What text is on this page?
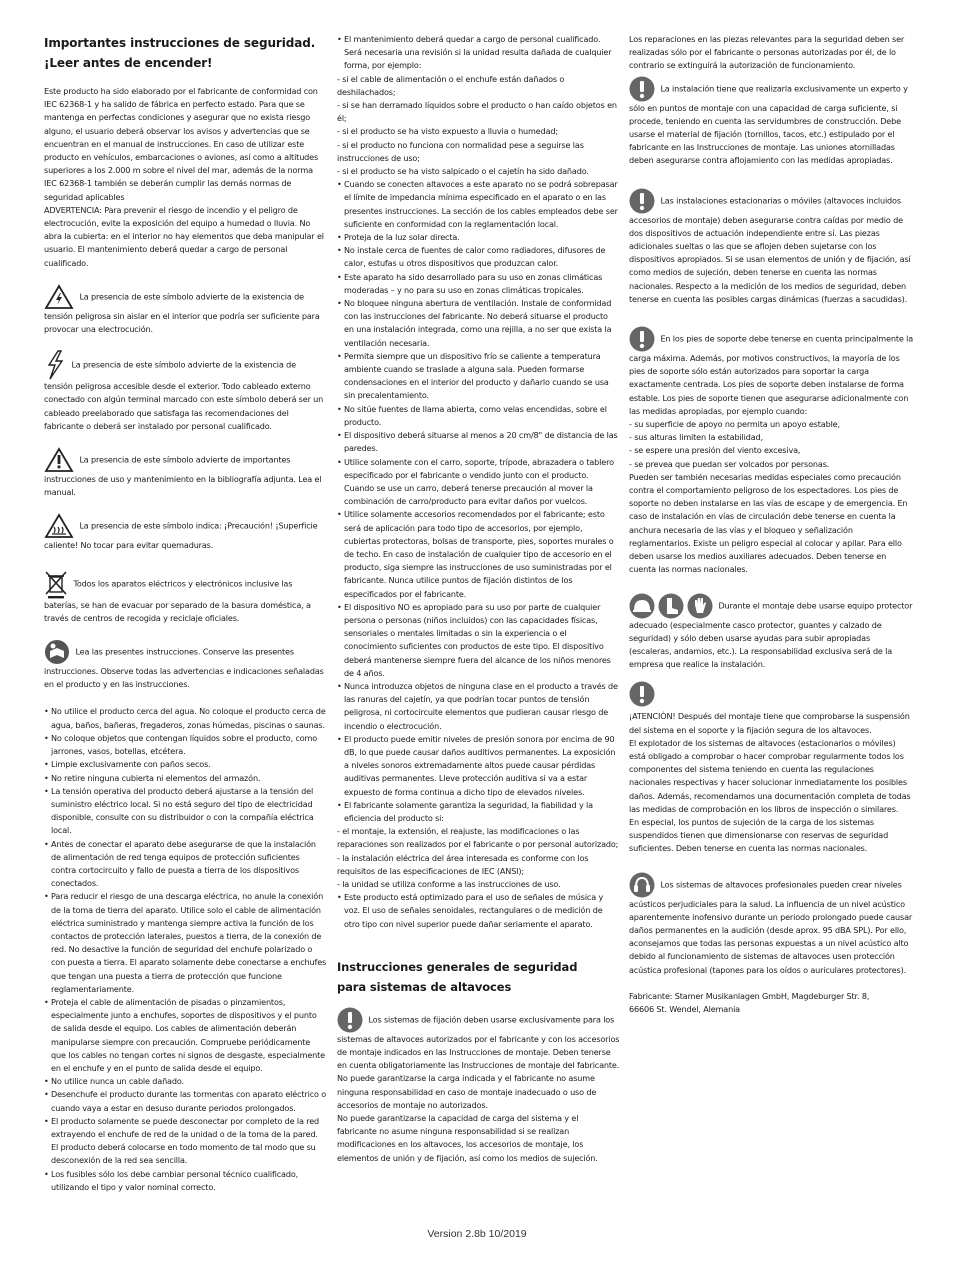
Importantes instrucciones de seguridad.
¡Leer antes de encender!

Este producto ha sido elaborado por el fabricante de conformidad con IEC 62368-1 y ha salido de fábrica en perfecto estado. Para que se mantenga en perfectas condiciones y asegurar que no exista riesgo alguno, el usuario deberá observar los avisos y advertencias que se encuentran en el manual de instrucciones. En caso de utilizar este producto en vehículos, embarcaciones o aviones, así como a altitudes superiores a los 2.000 m sobre el nivel del mar, además de la norma IEC 62368-1 también se deberán cumplir las demás normas de seguridad aplicables

ADVERTENCIA: Para prevenir el riesgo de incendio y el peligro de electrocución, evite la exposición del equipo a humedad o lluvia. No abra la cubierta: en el interior no hay elementos que deba manipular el usuario. El mantenimiento deberá quedar a cargo de personal cualificado.

La presencia de este símbolo advierte de la existencia de tensión peligrosa sin aislar en el interior que podría ser suficiente para provocar una electrocución.
La presencia de este símbolo advierte de la existencia de tensión peligrosa accesible desde el exterior. Todo cableado externo conectado con algún terminal marcado con este símbolo deberá ser un cableado preelaborado que satisfaga las recomendaciones del fabricante o deberá ser instalado por personal cualificado.
La presencia de este símbolo advierte de importantes instrucciones de uso y mantenimiento en la bibliografía adjunta. Lea el manual.
La presencia de este símbolo indica: ¡Precaución! ¡Superficie caliente! No tocar para evitar quemaduras.
Todos los aparatos eléctricos y electrónicos inclusive las baterías, se han de evacuar por separado de la basura doméstica, a través de centros de recogida y reciclaje oficiales.
Lea las presentes instrucciones. Conserve las presentes instrucciones. Observe todas las advertencias e indicaciones señaladas en el producto y en las instrucciones.
• No utilice el producto cerca del agua. No coloque el producto cerca de agua, baños, bañeras, fregaderos, zonas húmedas, piscinas o saunas.
• No coloque objetos que contengan líquidos sobre el producto, como jarrones, vasos, botellas, etcétera.
• Limpie exclusivamente con paños secos.
• No retire ninguna cubierta ni elementos del armazón.
• La tensión operativa del producto deberá ajustarse a la tensión del suministro eléctrico local. Si no está seguro del tipo de electricidad disponible, consulte con su distribuidor o con la compañía eléctrica local.
• Antes de conectar el aparato debe asegurarse de que la instalación de alimentación de red tenga equipos de protección suficientes contra cortocircuito y fallo de puesta a tierra de los dispositivos conectados.
• Para reducir el riesgo de una descarga eléctrica, no anule la conexión de la toma de tierra del aparato. Utilice solo el cable de alimentación eléctrica suministrado y mantenga siempre activa la función de los contactos de protección laterales, puestos a tierra, de la conexión de red. No desactive la función de seguridad del enchufe polarizado o con puesta a tierra. El aparato solamente debe conectarse a enchufes que tengan una puesta a tierra de protección que funcione reglamentariamente.
• Proteja el cable de alimentación de pisadas o pinzamientos, especialmente junto a enchufes, soportes de dispositivos y el punto de salida desde el equipo. Los cables de alimentación deberán manipularse siempre con precaución. Compruebe periódicamente que los cables no tengan cortes ni signos de desgaste, especialmente en el enchufe y en el punto de salida desde el equipo.
• No utilice nunca un cable dañado.
• Desenchufe el producto durante las tormentas con aparato eléctrico o cuando vaya a estar en desuso durante periodos prolongados.
• El producto solamente se puede desconectar por completo de la red extrayendo el enchufe de red de la unidad o de la toma de la pared. El producto deberá colocarse en todo momento de tal modo que su desconexión de la red sea sencilla.
• Los fusibles sólo los debe cambiar personal técnico cualificado, utilizando el tipo y valor nominal correcto.
• El mantenimiento deberá quedar a cargo de personal cualificado. Será necesaria una revisión si la unidad resulta dañada de cualquier forma, por ejemplo:

- si el cable de alimentación o el enchufe están dañados o deshilachados;

- si se han derramado líquidos sobre el producto o han caído objetos en él;

- si el producto se ha visto expuesto a lluvia o humedad;

- si el producto no funciona con normalidad pese a seguirse las instrucciones de uso;

- si el producto se ha visto salpicado o el cajetín ha sido dañado.

• Cuando se conecten altavoces a este aparato no se podrá sobrepasar el límite de impedancia mínima especificado en el aparato o en las presentes instrucciones. La sección de los cables empleados debe ser suficiente en conformidad con la reglamentación local.
• Proteja de la luz solar directa.
• No instale cerca de fuentes de calor como radiadores, difusores de calor, estufas u otros dispositivos que produzcan calor.
• Este aparato ha sido desarrollado para su uso en zonas climáticas moderadas – y no para su uso en zonas climáticas tropicales.
• No bloquee ninguna abertura de ventilación. Instale de conformidad con las instrucciones del fabricante. No deberá situarse el producto en una instalación integrada, como una rejilla, a no ser que exista la ventilación necesaria.
• Permita siempre que un dispositivo frío se caliente a temperatura ambiente cuando se traslade a alguna sala. Pueden formarse condensaciones en el interior del producto y dañarlo cuando se usa sin precalentamiento.
• No sitúe fuentes de llama abierta, como velas encendidas, sobre el producto.
• El dispositivo deberá situarse al menos a 20 cm/8" de distancia de las paredes.
• Utilice solamente con el carro, soporte, trípode, abrazadera o tablero especificado por el fabricante o vendido junto con el producto. Cuando se use un carro, deberá tenerse precaución al mover la combinación de carro/producto para evitar daños por vuelcos.
• Utilice solamente accesorios recomendados por el fabricante; esto será de aplicación para todo tipo de accesorios, por ejemplo, cubiertas protectoras, bolsas de transporte, pies, soportes murales o de techo. En caso de instalación de cualquier tipo de accesorio en el producto, siga siempre las instrucciones de uso suministradas por el fabricante. Nunca utilice puntos de fijación distintos de los especificados por el fabricante.
• El dispositivo NO es apropiado para su uso por parte de cualquier persona o personas (niños incluidos) con las capacidades físicas, sensoriales o mentales limitadas o sin la experiencia o el conocimiento suficientes con productos de este tipo. El dispositivo deberá mantenerse siempre fuera del alcance de los niños menores de 4 años.
• Nunca introduzca objetos de ninguna clase en el producto a través de las ranuras del cajetín, ya que podrían tocar puntos de tensión peligrosa, ni cortocircuite elementos que pudieran causar riesgo de incendio o electrocución.
• El producto puede emitir niveles de presión sonora por encima de 90 dB, lo que puede causar daños auditivos permanentes. La exposición a niveles sonoros extremadamente altos puede causar pérdidas auditivas permanentes. Lleve protección auditiva si va a estar expuesto de forma continua a dicho tipo de elevados niveles.
• El fabricante solamente garantiza la seguridad, la fiabilidad y la eficiencia del producto si:

- el montaje, la extensión, el reajuste, las modificaciones o las reparaciones son realizados por el fabricante o por personal autorizado;

- la instalación eléctrica del área interesada es conforme con los requisitos de las especificaciones de IEC (ANSI);

- la unidad se utiliza conforme a las instrucciones de uso.

• Este producto está optimizado para el uso de señales de música y voz. El uso de señales senoidales, rectangulares o de medición de otro tipo con nivel superior puede dañar seriamente el aparato.
Instrucciones generales de seguridad
para sistemas de altavoces
Los sistemas de fijación deben usarse exclusivamente para los sistemas de altavoces autorizados por el fabricante y con los accesorios de montaje indicados en las Instrucciones de montaje. Deben tenerse en cuenta obligatoriamente las Instrucciones de montaje del fabricante. No puede garantizarse la carga indicada y el fabricante no asume ninguna responsabilidad en caso de montaje inadecuado o uso de accesorios de montaje no autorizados.

No puede garantizarse la capacidad de carga del sistema y el fabricante no asume ninguna responsabilidad si se realizan modificaciones en los altavoces, los accesorios de montaje, los elementos de unión y de fijación, así como los medios de sujeción.

Los reparaciones en las piezas relevantes para la seguridad deben ser realizadas sólo por el fabricante o personas autorizadas por él, de lo contrario se extinguirá la autorización de funcionamiento.

La instalación tiene que realizarla exclusivamente un experto y sólo en puntos de montaje con una capacidad de carga suficiente, si procede, teniendo en cuenta las servidumbres de construcción. Debe usarse el material de fijación (tornillos, tacos, etc.) estipulado por el fabricante en las Instrucciones de montaje. Las uniones atornilladas deben asegurarse contra aflojamiento con las medidas apropiadas.
Las instalaciones estacionarias o móviles (altavoces incluidos accesorios de montaje) deben asegurarse contra caídas por medio de dos dispositivos de actuación independiente entre sí. Las piezas adicionales sueltas o las que se aflojen deben sujetarse con los dispositivos apropiados. Si se usan elementos de unión y de fijación, así como medios de sujeción, deben tenerse en cuenta las normas nacionales. Respecto a la medición de los medios de seguridad, deben tenerse en cuenta las posibles cargas dinámicas (fuerzas a sacudidas).
En los pies de soporte debe tenerse en cuenta principalmente la carga máxima. Además, por motivos constructivos, la mayoría de los pies de soporte sólo están autorizados para soportar la carga exactamente centrada. Los pies de soporte deben instalarse de forma estable. Los pies de soporte tienen que asegurarse adicionalmente con las medidas apropiadas, por ejemplo cuando:

- su superficie de apoyo no permita un apoyo estable,

- sus alturas limiten la estabilidad,

- se espere una presión del viento excesiva,

- se prevea que puedan ser volcados por personas.

Pueden ser también necesarias medidas especiales como precaución contra el comportamiento peligroso de los espectadores. Los pies de soporte no deben instalarse en las vías de escape y de emergencia. En caso de instalación en vías de circulación debe tenerse en cuenta la anchura necesaria de las vías y el bloqueo y señalización reglamentarios. Existe un peligro especial al colocar y apilar. Para ello deben usarse los medios auxiliares adecuados. Deben tenerse en cuenta las normas nacionales.

Durante el montaje debe usarse equipo protector adecuado (especialmente casco protector, guantes y calzado de seguridad) y sólo deben usarse ayudas para subir apropiadas (escaleras, andamios, etc.). La responsabilidad exclusiva será de la empresa que realice la instalación.

¡ATENCIÓN! Después del montaje tiene que comprobarse la suspensión del sistema en el soporte y la fijación segura de los altavoces.

El explotador de los sistemas de altavoces (estacionarios o móviles) está obligado a comprobar o hacer comprobar regularmente todos los componentes del sistema teniendo en cuenta las regulaciones nacionales respectivas y hacer solucionar inmediatamente los posibles daños. Además, recomendamos una documentación completa de todas las medidas de comprobación en los libros de inspección o similares.

En especial, los puntos de sujeción de la carga de los sistemas suspendidos tienen que dimensionarse con reservas de seguridad suficientes. Deben tenerse en cuenta las normas nacionales.

Los sistemas de altavoces profesionales pueden crear niveles acústicos perjudiciales para la salud. La influencia de un nivel acústico aparentemente inofensivo durante un periodo prolongado puede causar daños permanentes en la audición (desde aprox. 95 dBA SPL). Por ello, aconsejamos que todas las personas expuestas a un nivel acústico alto debido al funcionamiento de sistemas de altavoces usen protección acústica profesional (tapones para los oídos o auriculares protectores).

Fabricante: Stamer Musikanlagen GmbH, Magdeburger Str. 8,
66606 St. Wendel, Alemania

Version 2.8b 10/2019
